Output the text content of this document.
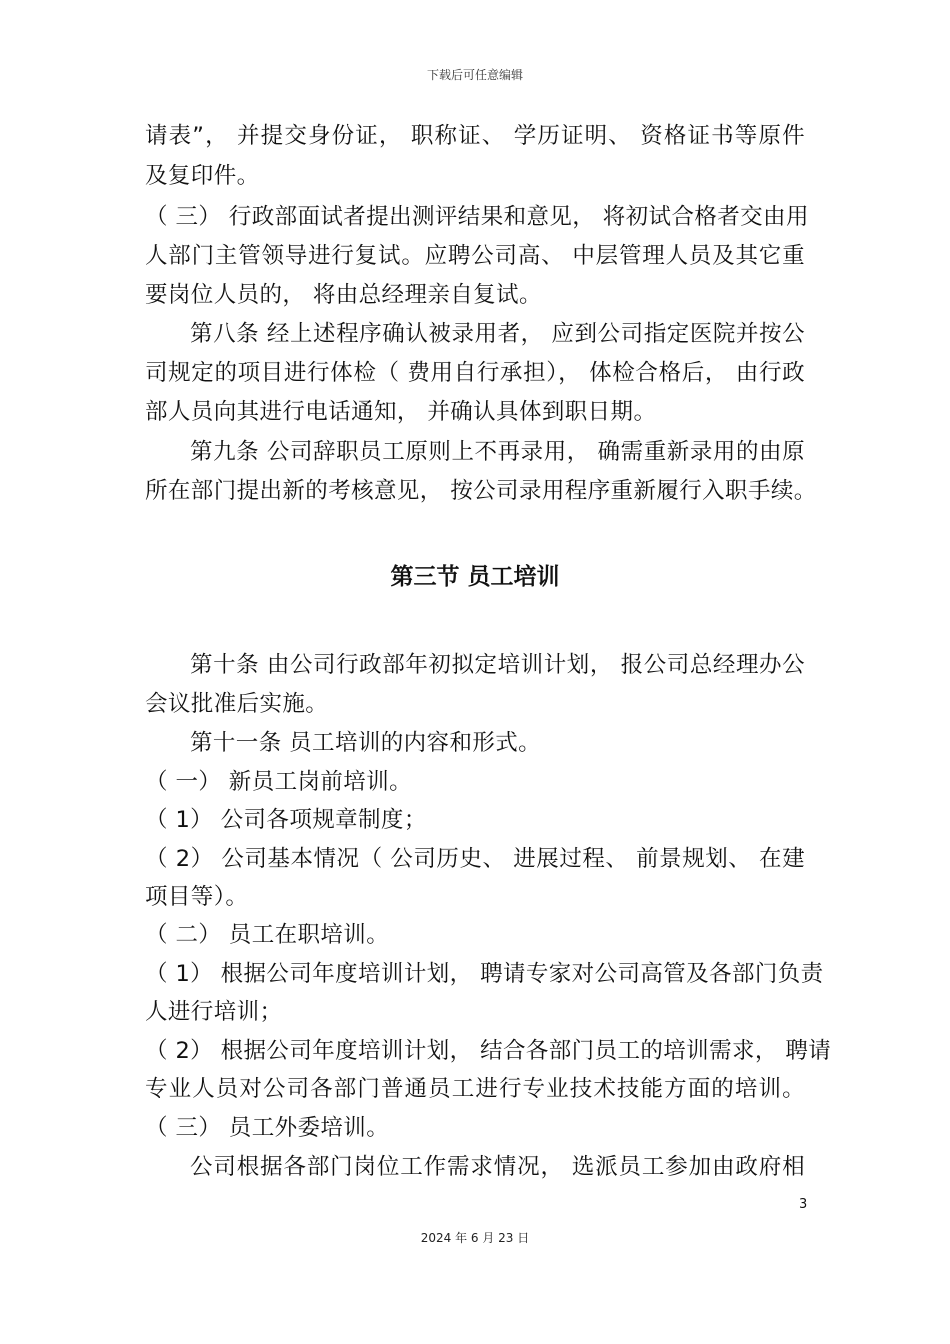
下载后可任意编辑
请表”， 并提交身份证， 职称证、 学历证明、 资格证书等原件
及复印件。
（ 三） 行政部面试者提出测评结果和意见， 将初试合格者交由用
人部门主管领导进行复试。应聘公司高、 中层管理人员及其它重
要岗位人员的， 将由总经理亲自复试。
第八条 经上述程序确认被录用者， 应到公司指定医院并按公
司规定的项目进行体检（ 费用自行承担）， 体检合格后， 由行政
部人员向其进行电话通知， 并确认具体到职日期。
第九条 公司辞职员工原则上不再录用， 确需重新录用的由原
所在部门提出新的考核意见， 按公司录用程序重新履行入职手续。
第三节 员工培训
第十条 由公司行政部年初拟定培训计划， 报公司总经理办公
会议批准后实施。
第十一条 员工培训的内容和形式。
（ 一） 新员工岗前培训。
（ 1） 公司各项规章制度；
（ 2） 公司基本情况（ 公司历史、 进展过程、 前景规划、 在建
项目等）。
（ 二） 员工在职培训。
（ 1） 根据公司年度培训计划， 聘请专家对公司高管及各部门负责
人进行培训；
（ 2） 根据公司年度培训计划， 结合各部门员工的培训需求， 聘请
专业人员对公司各部门普通员工进行专业技术技能方面的培训。
（ 三） 员工外委培训。
公司根据各部门岗位工作需求情况， 选派员工参加由政府相
3
2024 年 6 月 23 日
